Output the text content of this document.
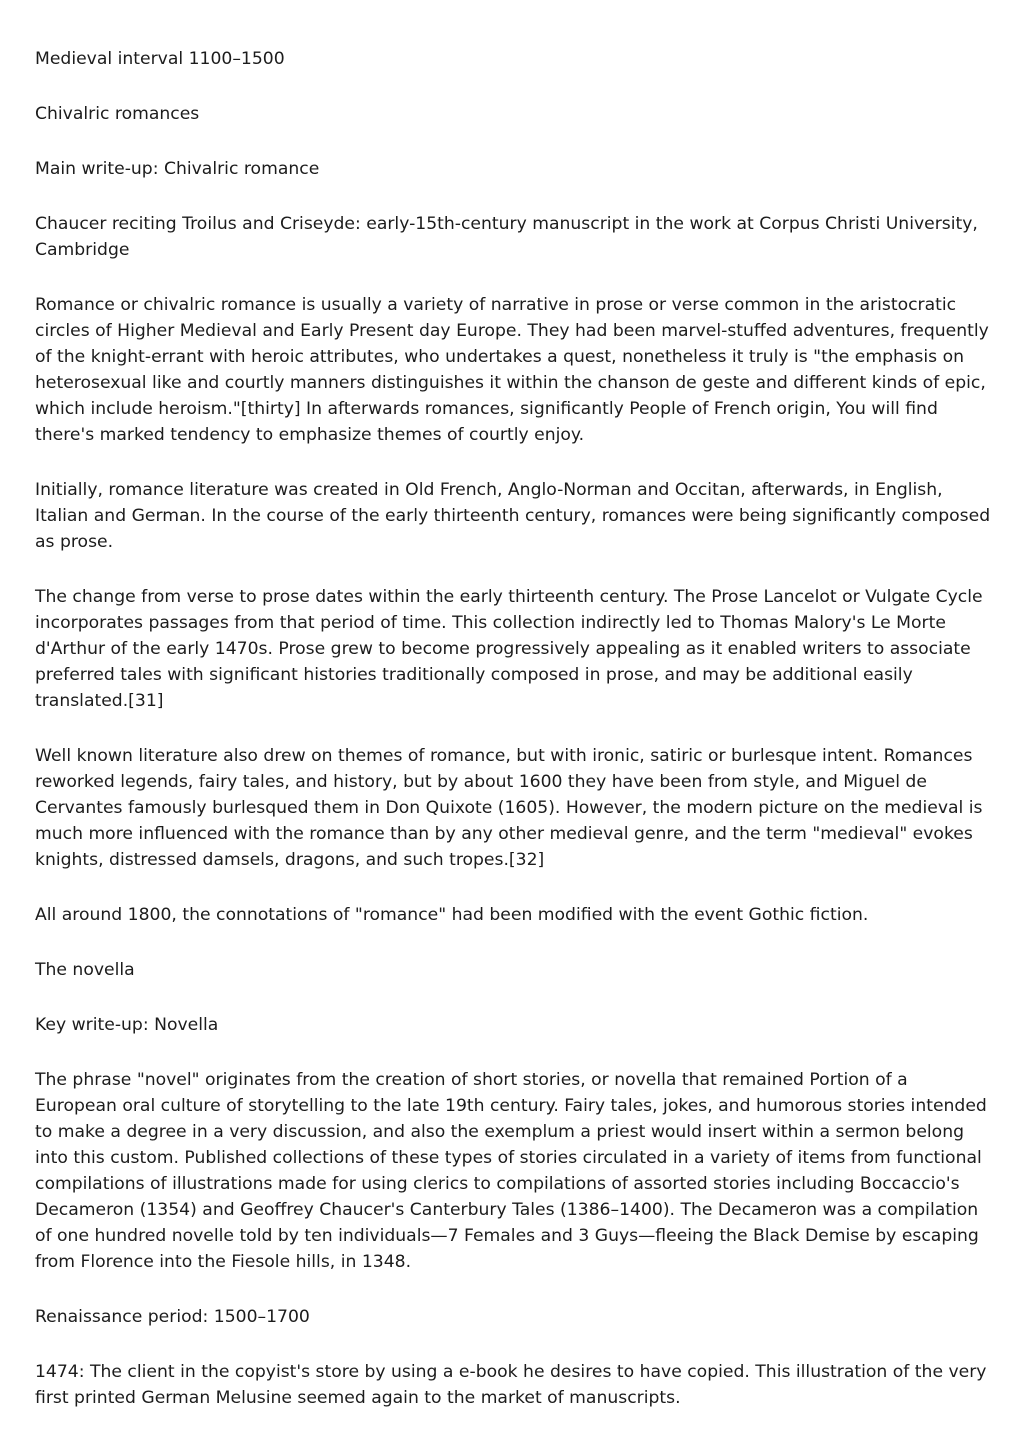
Medieval interval 1100–1500

Chivalric romances

Main write-up: Chivalric romance

Chaucer reciting Troilus and Criseyde: early-15th-century manuscript in the work at Corpus Christi University, Cambridge

Romance or chivalric romance is usually a variety of narrative in prose or verse common in the aristocratic circles of Higher Medieval and Early Present day Europe. They had been marvel-stuffed adventures, frequently of the knight-errant with heroic attributes, who undertakes a quest, nonetheless it truly is "the emphasis on heterosexual like and courtly manners distinguishes it within the chanson de geste and different kinds of epic, which include heroism."[thirty] In afterwards romances, significantly People of French origin, You will find there's marked tendency to emphasize themes of courtly enjoy.

Initially, romance literature was created in Old French, Anglo-Norman and Occitan, afterwards, in English, Italian and German. In the course of the early thirteenth century, romances were being significantly composed as prose.

The change from verse to prose dates within the early thirteenth century. The Prose Lancelot or Vulgate Cycle incorporates passages from that period of time. This collection indirectly led to Thomas Malory's Le Morte d'Arthur of the early 1470s. Prose grew to become progressively appealing as it enabled writers to associate preferred tales with significant histories traditionally composed in prose, and may be additional easily translated.[31]

Well known literature also drew on themes of romance, but with ironic, satiric or burlesque intent. Romances reworked legends, fairy tales, and history, but by about 1600 they have been from style, and Miguel de Cervantes famously burlesqued them in Don Quixote (1605). However, the modern picture on the medieval is much more influenced with the romance than by any other medieval genre, and the term "medieval" evokes knights, distressed damsels, dragons, and such tropes.[32]

All around 1800, the connotations of "romance" had been modified with the event Gothic fiction.

The novella

Key write-up: Novella

The phrase "novel" originates from the creation of short stories, or novella that remained Portion of a European oral culture of storytelling to the late 19th century. Fairy tales, jokes, and humorous stories intended to make a degree in a very discussion, and also the exemplum a priest would insert within a sermon belong into this custom. Published collections of these types of stories circulated in a variety of items from functional compilations of illustrations made for using clerics to compilations of assorted stories including Boccaccio's Decameron (1354) and Geoffrey Chaucer's Canterbury Tales (1386–1400). The Decameron was a compilation of one hundred novelle told by ten individuals—7 Females and 3 Guys—fleeing the Black Demise by escaping from Florence into the Fiesole hills, in 1348.

Renaissance period: 1500–1700

1474: The client in the copyist's store by using a e-book he desires to have copied. This illustration of the very first printed German Melusine seemed again to the market of manuscripts.
